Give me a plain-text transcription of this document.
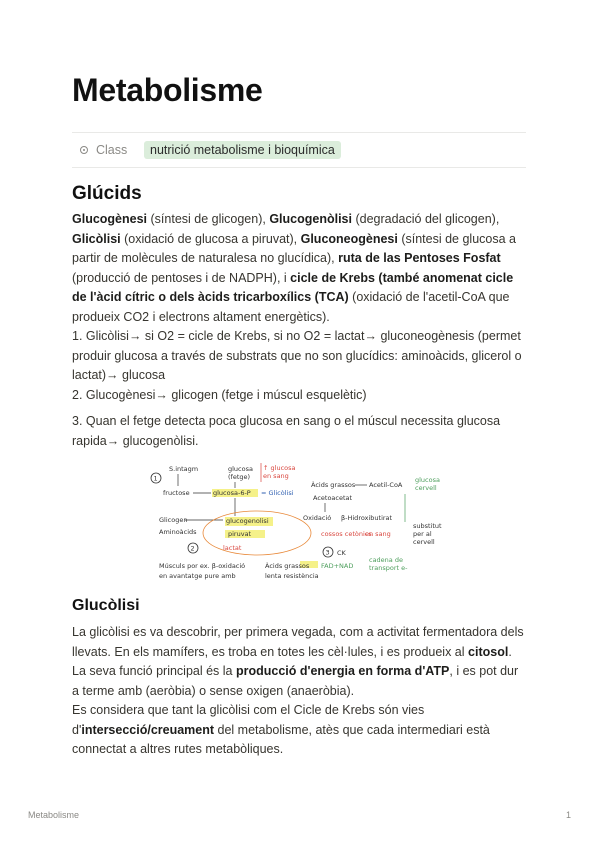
Metabolisme
Class	nutrició metabolisme i bioquímica
Glúcids

Glucogènesi (síntesi de glicogen), Glucogenòlisi (degradació del glicogen), Glicòlisi (oxidació de glucosa a piruvat), Gluconeogènesi (síntesi de glucosa a partir de molècules de naturalesa no glucídica), ruta de las Pentoses Fosfat (producció de pentoses i de NADPH), i cicle de Krebs (també anomenat cicle de l'àcid cítric o dels àcids tricarboxílics (TCA) (oxidació de l'acetil-CoA que produeix CO2 i electrons altament energètics).

1. Glicòlisi→ si O2 = cicle de Krebs, si no O2 = lactat→ gluconeogènesis (permet produir glucosa a través de substrats que no son glucídics: aminoàcids, glicerol o lactat)→ glucosa

2. Glucogènesi→ glicogen (fetge i múscul esquelètic)

3. Quan el fetge detecta poca glucosa en sang o el múscul necessita glucosa rapida→ glucogenòlisi.

Glucòlisi

La glicòlisi es va descobrir, per primera vegada, com a activitat fermentadora dels llevats. En els mamífers, es troba en totes les cèl·lules, i es produeix al citosol. La seva funció principal és la producció d'energia en forma d'ATP, i es pot dur a terme amb (aeròbia) o sense oxigen (anaeròbia).

Es considera que tant la glicòlisi com el Cicle de Krebs són vies d'intersecció/creuament del metabolisme, atès que cada intermediari està connectat a altres rutes metabòliques.

1
2	3
S.intagm	glucosa
(fetge)
↑ glucosa
en sang
fructose	glucosa-6-P = Glicòlisi
Glicogen	glucogenolisi
Aminoàcids	piruvat
lactat
Músculs por ex. β-oxidació
en avantatge pure amb
Àcids grassos
lenta resistència
Àcids grassos Acetil-CoA
Acetoacetat
Oxidació β-Hidroxibutirat
cossos cetònics
en sang
CK
FAD+NAD
cadena de
transport e-
glucosa
cervell
substitut
per al
cervell
Metabolisme	1
